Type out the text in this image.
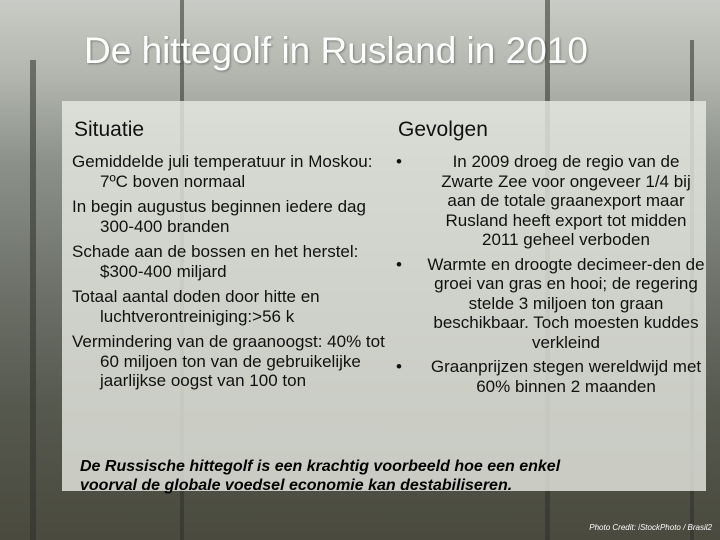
De hittegolf in Rusland in 2010
Situatie	Gevolgen
Gemiddelde juli temperatuur in Moskou: 7ºC boven normaal
In begin augustus beginnen iedere dag 300-400 branden
Schade aan de bossen en het herstel: $300-400 miljard
Totaal aantal doden door hitte en luchtverontreiniging:>56 k
Vermindering van de graanoogst: 40% tot 60 miljoen ton van de gebruikelijke jaarlijkse oogst van 100 ton
•	In 2009 droeg de regio van de Zwarte Zee voor ongeveer 1/4 bij aan de totale graanexport maar Rusland heeft export tot midden 2011 geheel verboden
• Warmte en droogte decimeer-den de groei van gras en hooi; de regering stelde 3 miljoen ton graan beschikbaar. Toch moesten kuddes verkleind
• Graanprijzen stegen wereldwijd met 60% binnen 2 maanden
De Russische hittegolf is een krachtig voorbeeld hoe een enkel
voorval de globale voedsel economie kan destabiliseren.
Photo Credit: iStockPhoto / Brasil2
